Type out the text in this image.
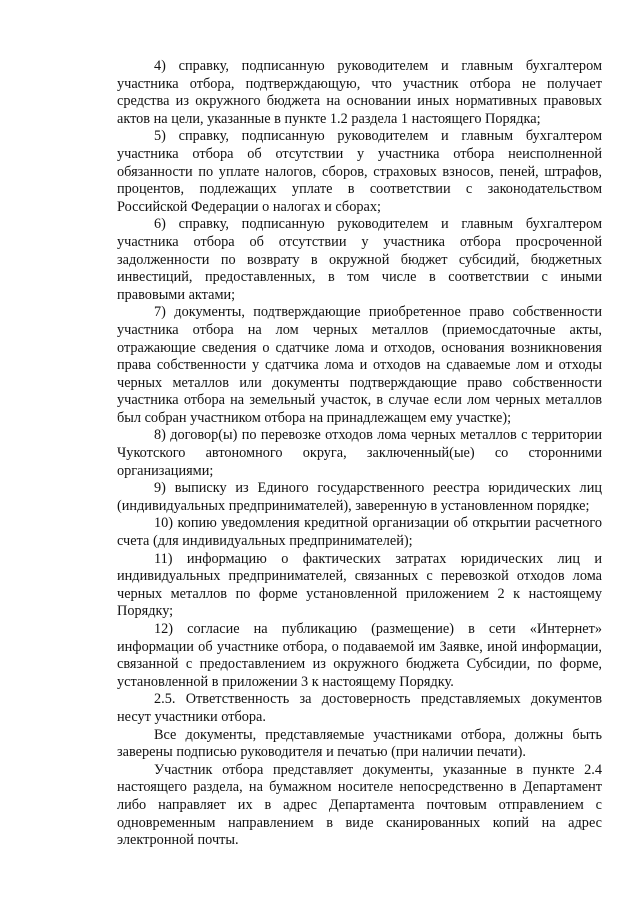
4) справку, подписанную руководителем и главным бухгалтером участника отбора, подтверждающую, что участник отбора не получает средства из окружного бюджета на основании иных нормативных правовых актов на цели, указанные в пункте 1.2 раздела 1 настоящего Порядка;

5) справку, подписанную руководителем и главным бухгалтером участника отбора об отсутствии у участника отбора неисполненной обязанности по уплате налогов, сборов, страховых взносов, пеней, штрафов, процентов, подлежащих уплате в соответствии с законодательством Российской Федерации о налогах и сборах;

6) справку, подписанную руководителем и главным бухгалтером участника отбора об отсутствии у участника отбора просроченной задолженности по возврату в окружной бюджет субсидий, бюджетных инвестиций, предоставленных, в том числе в соответствии с иными правовыми актами;

7) документы, подтверждающие приобретенное право собственности участника отбора на лом черных металлов (приемосдаточные акты, отражающие сведения о сдатчике лома и отходов, основания возникновения права собственности у сдатчика лома и отходов на сдаваемые лом и отходы черных металлов или документы подтверждающие право собственности участника отбора на земельный участок, в случае если лом черных металлов был собран участником отбора на принадлежащем ему участке);

8) договор(ы) по перевозке отходов лома черных металлов с территории Чукотского автономного округа, заключенный(ые) со сторонними организациями;

9) выписку из Единого государственного реестра юридических лиц (индивидуальных предпринимателей), заверенную в установленном порядке;

10) копию уведомления кредитной организации об открытии расчетного счета (для индивидуальных предпринимателей);

11) информацию о фактических затратах юридических лиц и индивидуальных предпринимателей, связанных с перевозкой отходов лома черных металлов по форме установленной приложением 2 к настоящему Порядку;

12) согласие на публикацию (размещение) в сети «Интернет» информации об участнике отбора, о подаваемой им Заявке, иной информации, связанной с предоставлением из окружного бюджета Субсидии, по форме, установленной в приложении 3 к настоящему Порядку.

2.5. Ответственность за достоверность представляемых документов несут участники отбора.

Все документы, представляемые участниками отбора, должны быть заверены подписью руководителя и печатью (при наличии печати).

Участник отбора представляет документы, указанные в пункте 2.4 настоящего раздела, на бумажном носителе непосредственно в Департамент либо направляет их в адрес Департамента почтовым отправлением с одновременным направлением в виде сканированных копий на адрес электронной почты.
